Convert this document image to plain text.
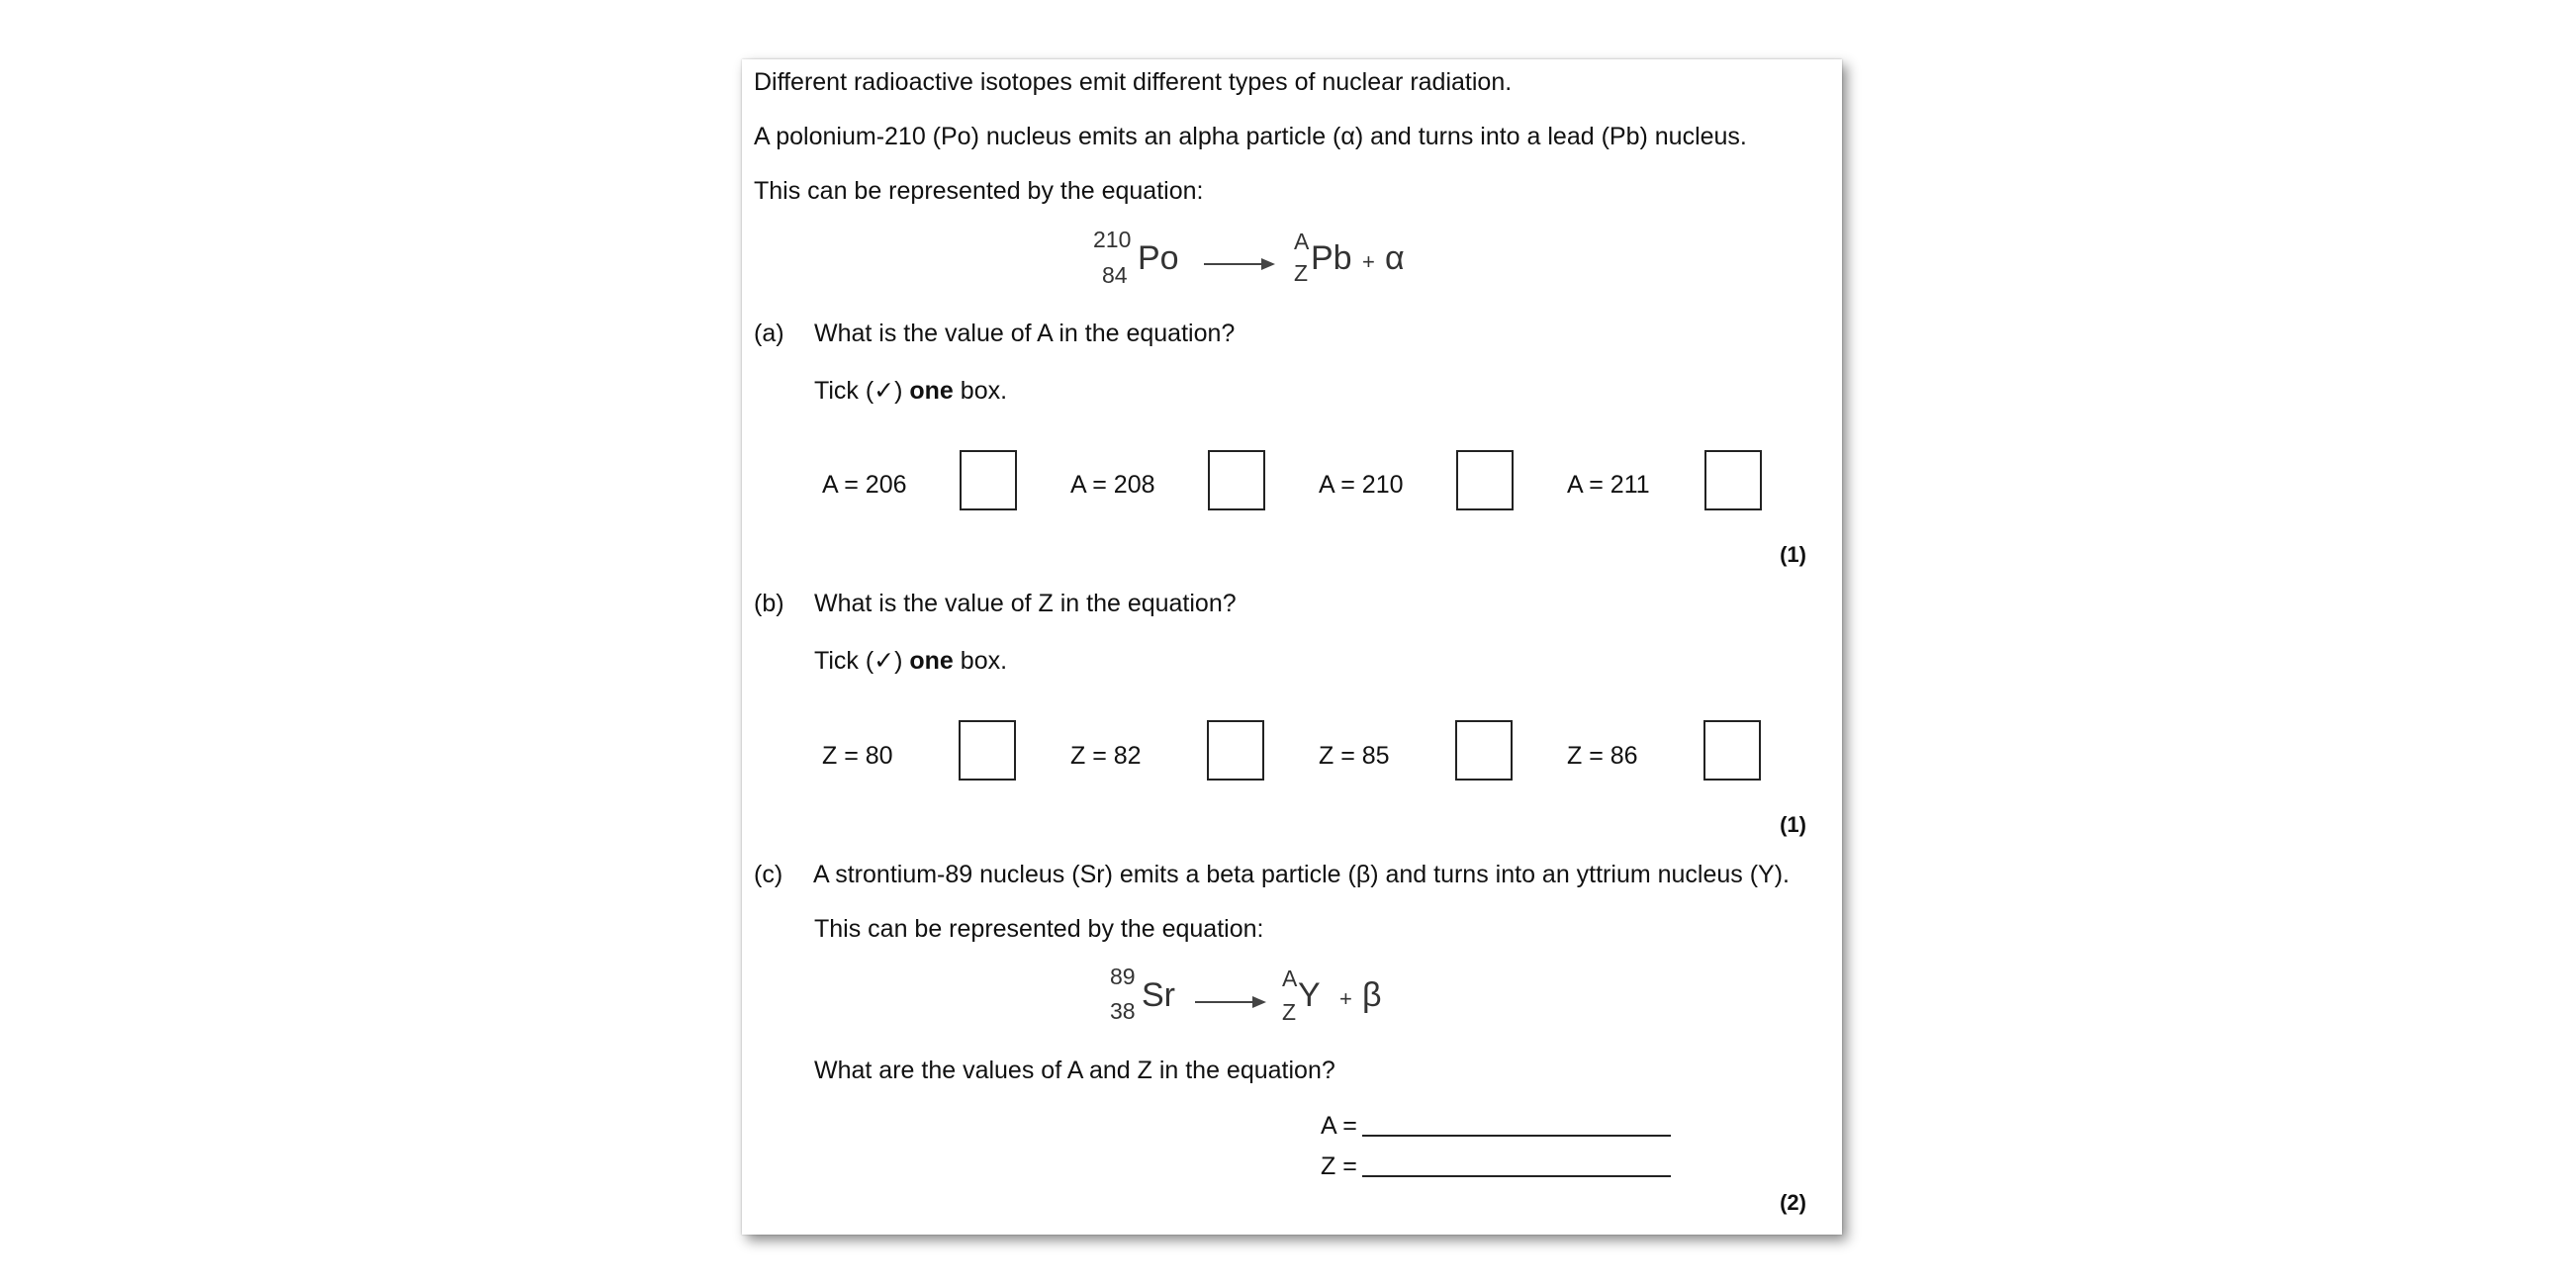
Different radioactive isotopes emit different types of nuclear radiation.
A polonium-210 (Po) nucleus emits an alpha particle (α) and turns into a lead (Pb) nucleus.
This can be represented by the equation:
210
84 Po	A
Z Pb + α
(a) What is the value of A in the equation?
Tick (✓) one box.
A = 206	A = 208	A = 210	A = 211
(1)
(b) What is the value of Z in the equation?
Tick (✓) one box.
Z = 80	Z = 82	Z = 85	Z = 86
(1)
(c) A strontium-89 nucleus (Sr) emits a beta particle (β) and turns into an yttrium nucleus (Y).
This can be represented by the equation:
89
38 Sr	A
Z Y + β
What are the values of A and Z in the equation?
A =
Z =
(2)
